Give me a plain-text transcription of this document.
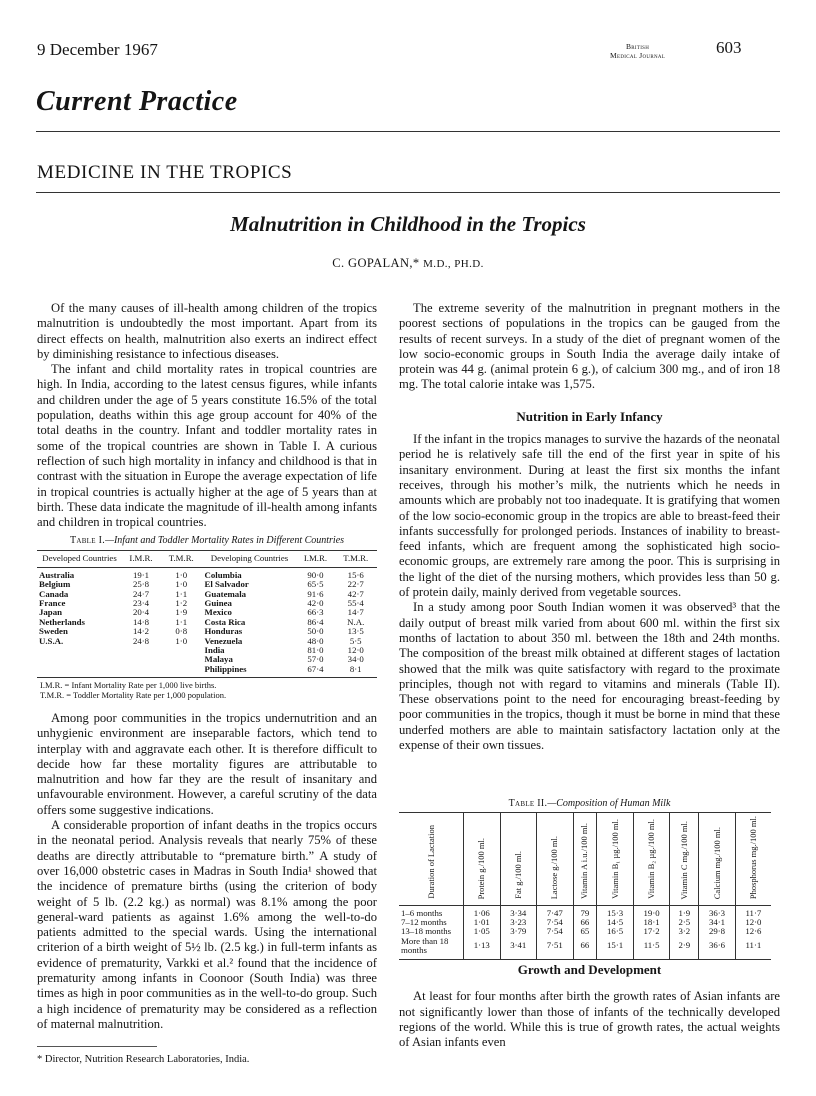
9 December 1967	British
Medical Journal	603
Current Practice
MEDICINE IN THE TROPICS
Malnutrition in Childhood in the Tropics
C. GOPALAN,* M.D., PH.D.

Of the many causes of ill-health among children of the tropics malnutrition is undoubtedly the most important. Apart from its direct effects on health, malnutrition also exerts an indirect effect by diminishing resistance to infectious diseases.

The infant and child mortality rates in tropical countries are high. In India, according to the latest census figures, while infants and children under the age of 5 years constitute 16.5% of the total population, deaths within this age group account for 40% of the total deaths in the country. Infant and toddler mortality rates in some of the tropical countries are shown in Table I. A curious reflection of such high mortality in infancy and childhood is that in contrast with the situation in Europe the average expectation of life in tropical countries is actually higher at the age of 5 years than at birth. These data indicate the magnitude of ill-health among infants and children in tropical countries.

Table I.—Infant and Toddler Mortality Rates in Different Countries
Developed Countries	I.M.R.	T.M.R.	Developing Countries	I.M.R.	T.M.R.
Australia	19·1	1·0	Columbia	90·0	15·6
Belgium	25·8	1·0	El Salvador	65·5	22·7
Canada	24·7	1·1	Guatemala	91·6	42·7
France	23·4	1·2	Guinea	42·0	55·4
Japan	20·4	1·9	Mexico	66·3	14·7
Netherlands	14·8	1·1	Costa Rica	86·4	N.A.
Sweden	14·2	0·8	Honduras	50·0	13·5
U.S.A.	24·8	1·0	Venezuela	48·0	5·5
			India	81·0	12·0
			Malaya	57·0	34·0
			Philippines	67·4	8·1
I.M.R. = Infant Mortality Rate per 1,000 live births.
T.M.R. = Toddler Mortality Rate per 1,000 population.

Among poor communities in the tropics undernutrition and an unhygienic environment are inseparable factors, which tend to interplay with and aggravate each other. It is therefore difficult to decide how far these mortality figures are attributable to malnutrition and how far they are the result of insanitary and unfavourable environment. However, a careful scrutiny of the data offers some suggestive indications.

A considerable proportion of infant deaths in the tropics occurs in the neonatal period. Analysis reveals that nearly 75% of these deaths are directly attributable to “premature birth.” A study of over 16,000 obstetric cases in Madras in South India¹ showed that the incidence of premature births (using the criterion of body weight of 5 lb. (2.2 kg.) as normal) was 8.1% among the poor general-ward patients as against 1.6% among the well-to-do patients admitted to the special wards. Using the international criterion of a birth weight of 5½ lb. (2.5 kg.) in full-term infants as evidence of prematurity, Varkki et al.² found that the incidence of prematurity among infants in Coonoor (South India) was three times as high in poor communities as in the well-to-do group. Such a high incidence of prematurity may be considered as a reflection of maternal malnutrition.

* Director, Nutrition Research Laboratories, India.

The extreme severity of the malnutrition in pregnant mothers in the poorest sections of populations in the tropics can be gauged from the results of recent surveys. In a study of the diet of pregnant women of the low socio-economic groups in South India the average daily intake of protein was 44 g. (animal protein 6 g.), of calcium 300 mg., and of iron 18 mg. The total calorie intake was 1,575.

Nutrition in Early Infancy

If the infant in the tropics manages to survive the hazards of the neonatal period he is relatively safe till the end of the first year in spite of his insanitary environment. During at least the first six months the infant receives, through his mother’s milk, the nutrients which he needs in amounts which are probably not too inadequate. It is gratifying that women of the low socio-economic group in the tropics are able to breast-feed their infants successfully for prolonged periods. Instances of inability to breast-feed infants, which are frequent among the sophisticated high socio-economic groups, are extremely rare among the poor. This is surprising in the light of the diet of the nursing mothers, which provides less than 50 g. of protein daily, mainly derived from vegetable sources.

In a study among poor South Indian women it was observed³ that the daily output of breast milk varied from about 600 ml. within the first six months of lactation to about 350 ml. between the 18th and 24th months. The composition of the breast milk obtained at different stages of lactation showed that the milk was quite satisfactory with regard to the proximate principles, though not with regard to vitamins and minerals (Table II). These observations point to the need for encouraging breast-feeding by poor communities in the tropics, though it must be borne in mind that these underfed mothers are able to maintain satisfactory lactation only at the expense of their own tissues.

Table II.—Composition of Human Milk
Duration of Lactation	Protein g./100 ml.	Fat g./100 ml.	Lactose g./100 ml.	Vitamin A i.u./100 ml.	Vitamin B₁ µg./100 ml.	Vitamin B₂ µg./100 ml.	Vitamin C mg./100 ml.	Calcium mg./100 ml.	Phosphorus mg./100 ml.
1–6 months	1·06	3·34	7·47	79	15·3	19·0	1·9	36·3	11·7
7–12 months	1·01	3·23	7·54	66	14·5	18·1	2·5	34·1	12·0
13–18 months	1·05	3·79	7·54	65	16·5	17·2	3·2	29·8	12·6
More than 18 months	1·13	3·41	7·51	66	15·1	11·5	2·9	36·6	11·1
Growth and Development

At least for four months after birth the growth rates of Asian infants are not significantly lower than those of infants of the technically developed regions of the world. While this is true of growth rates, the actual weights of Asian infants even
